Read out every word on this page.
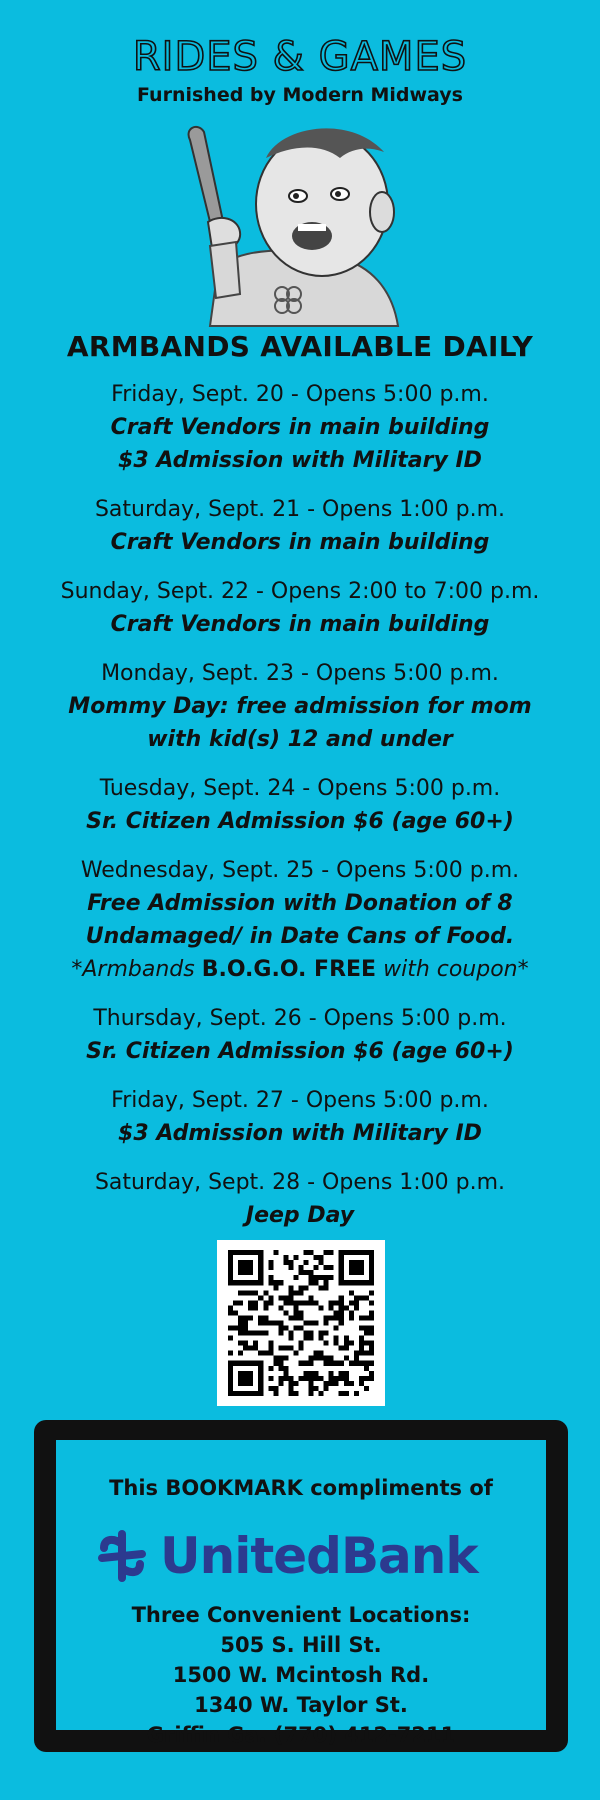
RIDES & GAMES
Furnished by Modern Midways
ARMBANDS AVAILABLE DAILY
Friday, Sept. 20 - Opens 5:00 p.m.
Craft Vendors in main building
$3 Admission with Military ID
Saturday, Sept. 21 - Opens 1:00 p.m.
Craft Vendors in main building
Sunday, Sept. 22 - Opens 2:00 to 7:00 p.m.
Craft Vendors in main building
Monday, Sept. 23 - Opens 5:00 p.m.
Mommy Day: free admission for mom
with kid(s) 12 and under
Tuesday, Sept. 24 - Opens 5:00 p.m.
Sr. Citizen Admission $6 (age 60+)
Wednesday, Sept. 25 - Opens 5:00 p.m.
Free Admission with Donation of 8
Undamaged/ in Date Cans of Food.
*Armbands B.O.G.O. FREE with coupon*
Thursday, Sept. 26 - Opens 5:00 p.m.
Sr. Citizen Admission $6 (age 60+)
Friday, Sept. 27 - Opens 5:00 p.m.
$3 Admission with Military ID
Saturday, Sept. 28 - Opens 1:00 p.m.
Jeep Day
This BOOKMARK compliments of
UnitedBank
Three Convenient Locations:
505 S. Hill St.
1500 W. Mcintosh Rd.
1340 W. Taylor St.
Griffin Ga. (770) 412-7211
